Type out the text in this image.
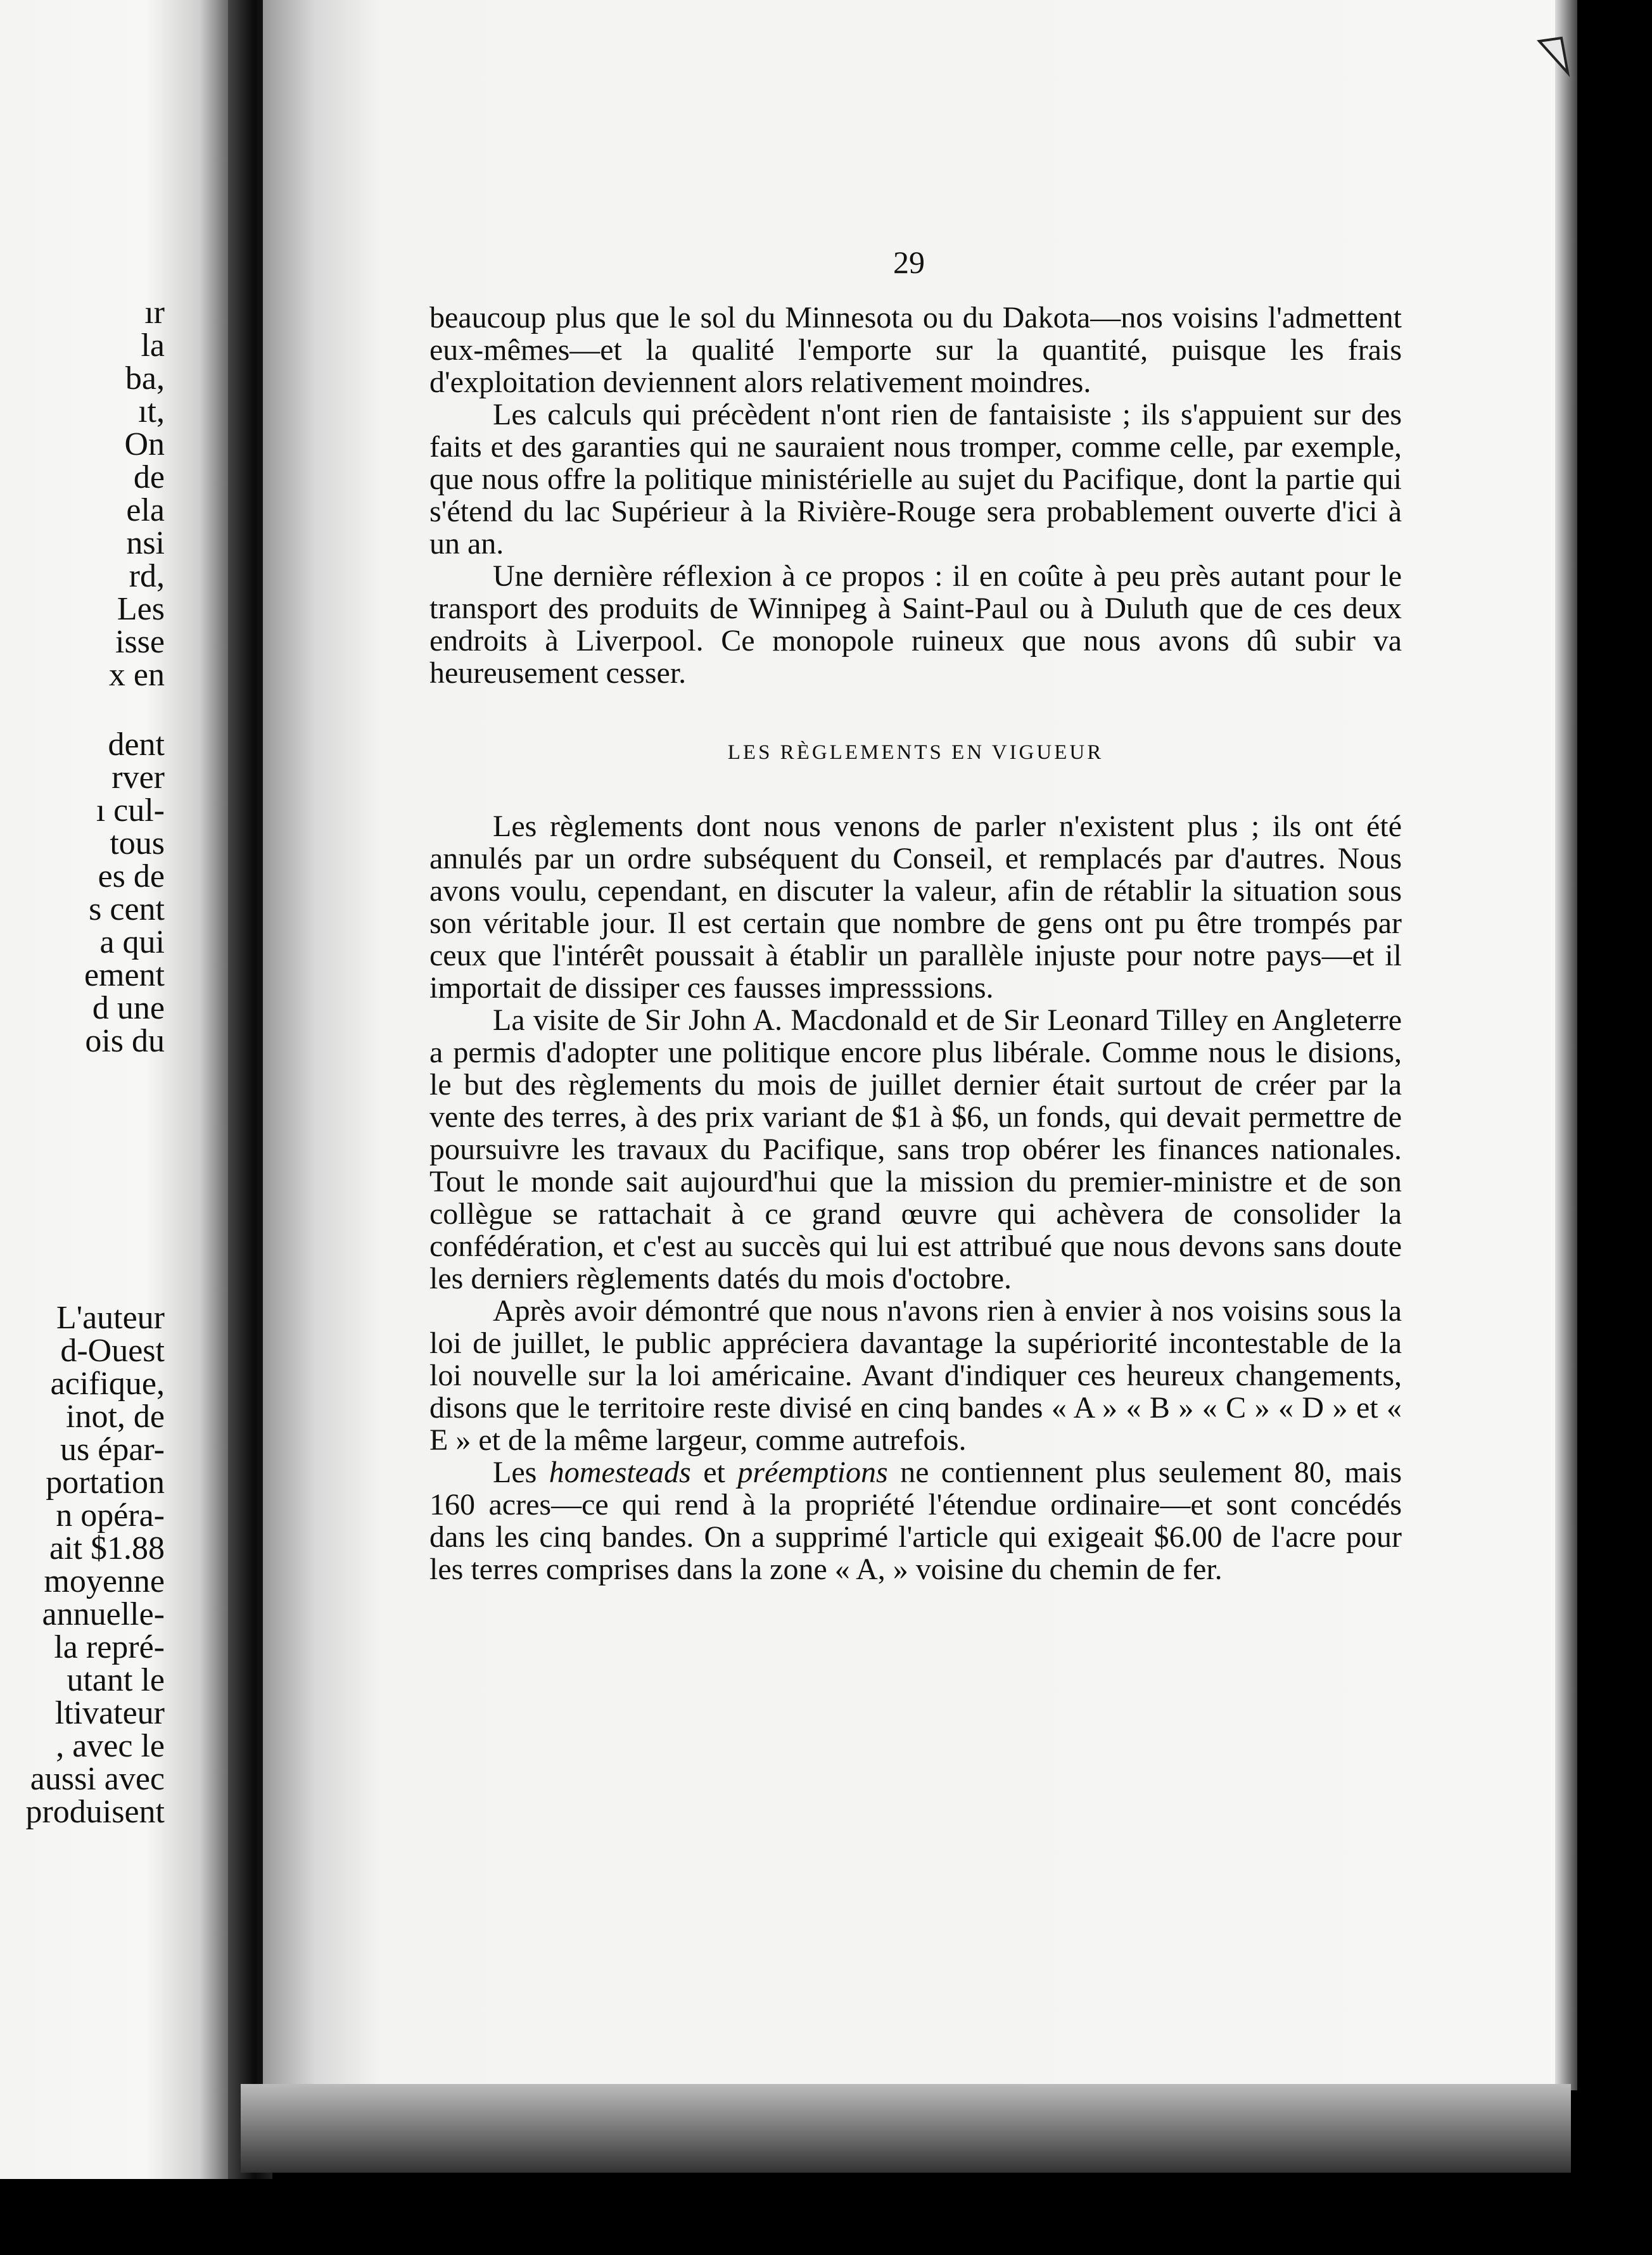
ır
la
ba,
ıt,
On
de
ela
nsi
rd,
Les
isse
x en
dent
rver
ı cul-
tous
es de
s cent
a qui
ement
d une
ois du
L'auteur
d-Ouest
acifique,
inot, de
us épar-
portation
n opéra-
ait $1.88
moyenne
annuelle-
la repré-
utant le
ltivateur
, avec le
aussi avec
produisent
29

beaucoup plus que le sol du Minnesota ou du Dakota—nos voisins l'admettent eux-mêmes—et la qualité l'emporte sur la quantité, puisque les frais d'exploitation deviennent alors relativement moindres.

Les calculs qui précèdent n'ont rien de fantaisiste ; ils s'appuient sur des faits et des garanties qui ne sauraient nous tromper, comme celle, par exemple, que nous offre la politique ministérielle au sujet du Pacifique, dont la partie qui s'étend du lac Supérieur à la Rivière-Rouge sera probablement ouverte d'ici à un an.

Une dernière réflexion à ce propos : il en coûte à peu près autant pour le transport des produits de Winnipeg à Saint-Paul ou à Duluth que de ces deux endroits à Liverpool. Ce monopole ruineux que nous avons dû subir va heureusement cesser.

LES RÈGLEMENTS EN VIGUEUR

Les règlements dont nous venons de parler n'existent plus ; ils ont été annulés par un ordre subséquent du Conseil, et remplacés par d'autres. Nous avons voulu, cependant, en discuter la valeur, afin de rétablir la situation sous son véritable jour. Il est certain que nombre de gens ont pu être trompés par ceux que l'intérêt poussait à établir un parallèle injuste pour notre pays—et il importait de dissiper ces fausses impresssions.

La visite de Sir John A. Macdonald et de Sir Leonard Tilley en Angleterre a permis d'adopter une politique encore plus libérale. Comme nous le disions, le but des règlements du mois de juillet dernier était surtout de créer par la vente des terres, à des prix variant de $1 à $6, un fonds, qui devait permettre de poursuivre les travaux du Pacifique, sans trop obérer les finances nationales. Tout le monde sait aujourd'hui que la mission du premier-ministre et de son collègue se rattachait à ce grand œuvre qui achèvera de consolider la confédération, et c'est au succès qui lui est attribué que nous devons sans doute les derniers règlements datés du mois d'octobre.

Après avoir démontré que nous n'avons rien à envier à nos voisins sous la loi de juillet, le public appréciera davantage la supériorité incontestable de la loi nouvelle sur la loi américaine. Avant d'indiquer ces heureux changements, disons que le territoire reste divisé en cinq bandes « A » « B » « C » « D » et « E » et de la même largeur, comme autrefois.

Les homesteads et préemptions ne contiennent plus seulement 80, mais 160 acres—ce qui rend à la propriété l'étendue ordinaire—et sont concédés dans les cinq bandes. On a supprimé l'article qui exigeait $6.00 de l'acre pour les terres comprises dans la zone « A, » voisine du chemin de fer.
